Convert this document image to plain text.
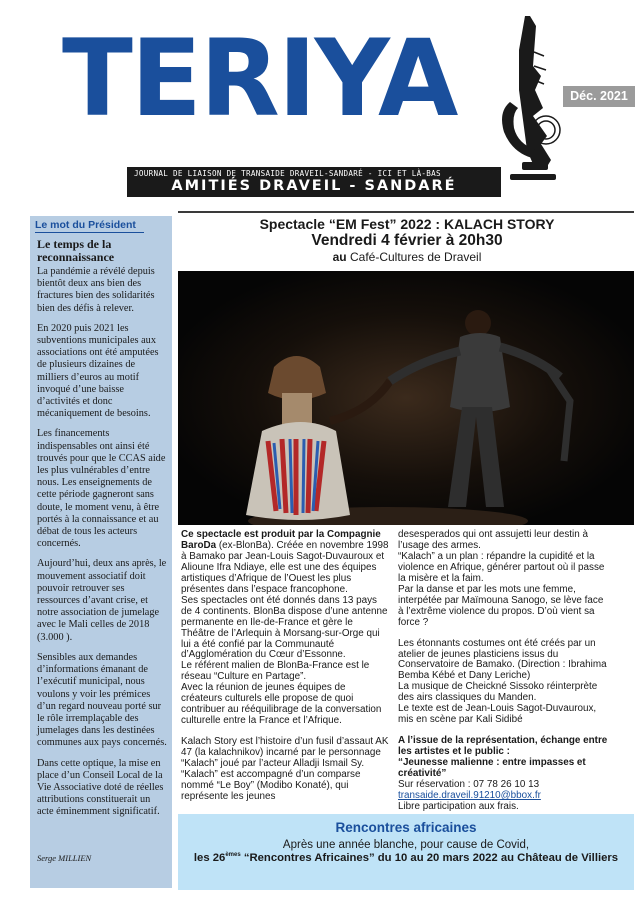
TERIYA
JOURNAL DE LIAISON DE TRANSAIDE DRAVEIL-SANDARÉ - ICI ET LÀ-BAS
AMITIÉS DRAVEIL - SANDARÉ
Déc. 2021
Le mot du Président
Le temps de la reconnaissance

La pandémie a révélé depuis bientôt deux ans bien des fractures bien des solidarités bien des défis à relever.

En 2020 puis 2021 les subventions municipales aux associations ont été amputées de plusieurs dizaines de milliers d’euros au motif invoqué d’une baisse d’activités et donc mécaniquement de besoins.

Les financements indispensables ont ainsi été trouvés pour que le CCAS aide les plus vulnérables d’entre nous. Les enseignements de cette période gagneront sans doute, le moment venu, à être portés à la connaissance et au débat de tous les acteurs concernés.

Aujourd’hui, deux ans après, le mouvement associatif doit pouvoir retrouver ses ressources d’avant crise, et notre association de jumelage avec le Mali celles de 2018 (3.000 ).

Sensibles aux demandes d’informations émanant de l’exécutif municipal, nous voulons y voir les prémices d’un regard nouveau porté sur le rôle irremplaçable des jumelages dans les destinées communes aux pays concernés.

Dans cette optique, la mise en place d’un Conseil Local de la Vie Associative doté de réelles attributions constituerait un acte éminemment significatif.

Serge MILLIEN
Spectacle “EM Fest” 2022 : KALACH STORY
Vendredi 4 février à 20h30
au Café-Cultures de Draveil

Ce spectacle est produit par la Compagnie BaroDa (ex-BlonBa). Créée en novembre 1998 à Bamako par Jean-Louis Sagot-Duvauroux et Alioune Ifra Ndiaye, elle est une des équipes artistiques d’Afrique de l’Ouest les plus présentes dans l’espace francophone.

Ses spectacles ont été donnés dans 13 pays de 4 continents. BlonBa dispose d’une antenne permanente en Ile-de-France et gère le Théâtre de l’Arlequin à Morsang-sur-Orge qui lui a été confié par la Communauté d’Agglomération du Cœur d’Essonne.

Le référent malien de BlonBa-France est le réseau “Culture en Partage”.

Avec la réunion de jeunes équipes de créateurs culturels elle propose de quoi contribuer au rééquilibrage de la conversation culturelle entre la France et l’Afrique.

Kalach Story est l’histoire d’un fusil d’assaut AK 47 (la kalachnikov) incarné par le personnage “Kalach” joué par l’acteur Alladji Ismail Sy. “Kalach” est accompagné d’un comparse nommé “Le Boy” (Modibo Konaté), qui représente les jeunes

desesperados qui ont assujetti leur destin à l’usage des armes.

“Kalach” a un plan : répandre la cupidité et la violence en Afrique, générer partout où il passe la misère et la faim.

Par la danse et par les mots une femme, interpétée par Maïmouna Sanogo, se lève face à l’extrême violence du propos. D’où vient sa force ?

Les étonnants costumes ont été créés par un atelier de jeunes plasticiens issus du Conservatoire de Bamako. (Direction : Ibrahima Bemba Kébé et Dany Leriche)

La musique de Cheickné Sissoko réinterprète des airs classiques du Manden.

Le texte est de Jean-Louis Sagot-Duvauroux, mis en scène par Kali Sidibé

A l’issue de la représentation, échange entre les artistes et le public :
“Jeunesse malienne : entre impasses et créativité”

Sur réservation : 07 78 26 10 13
transaide.draveil.91210@bbox.fr
Libre participation aux frais.
Rencontres africaines
Après une année blanche, pour cause de Covid,
les 26èmes “Rencontres Africaines” du 10 au 20 mars 2022 au Château de Villiers
